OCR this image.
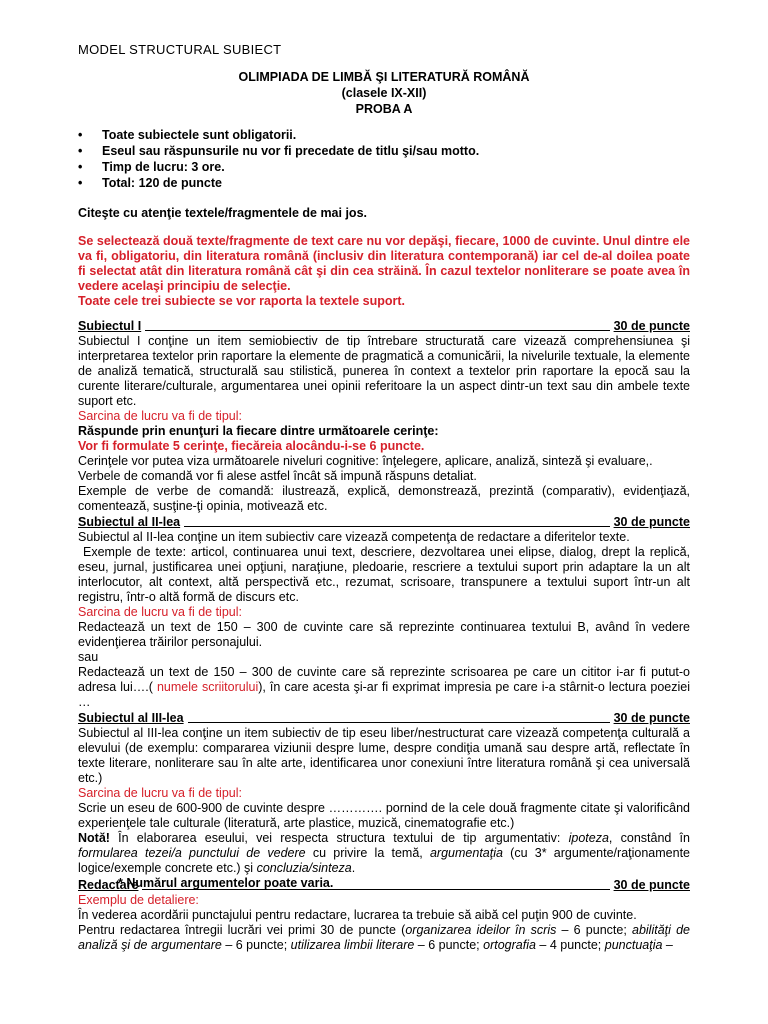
MODEL STRUCTURAL SUBIECT
OLIMPIADA DE LIMBĂ ŞI LITERATURĂ ROMÂNĂ
(clasele IX-XII)
PROBA A
• Toate subiectele sunt obligatorii.
• Eseul sau răspunsurile nu vor fi precedate de titlu şi/sau motto.
• Timp de lucru: 3 ore.
• Total: 120 de puncte
Citeşte cu atenţie textele/fragmentele de mai jos.

Se selectează două texte/fragmente de text care nu vor depăşi, fiecare, 1000 de cuvinte. Unul dintre ele va fi, obligatoriu, din literatura română (inclusiv din literatura contemporană) iar cel de-al doilea poate fi selectat atât din literatura română cât şi din cea străină. În cazul textelor nonliterare se poate avea în vedere acelaşi principiu de selecţie.

Toate cele trei subiecte se vor raporta la textele suport.

Subiectul I	30 de puncte

Subiectul I conţine un item semiobiectiv de tip întrebare structurată care vizează comprehensiunea şi interpretarea textelor prin raportare la elemente de pragmatică a comunicării, la nivelurile textuale, la elemente de analiză tematică, structurală sau stilistică, punerea în context a textelor prin raportare la epocă sau la curente literare/culturale, argumentarea unei opinii referitoare la un aspect dintr-un text sau din ambele texte suport etc.

Sarcina de lucru va fi de tipul:

Răspunde prin enunţuri la fiecare dintre următoarele cerinţe:

Vor fi formulate 5 cerinţe, fiecăreia alocându-i-se 6 puncte.

Cerinţele vor putea viza următoarele niveluri cognitive: înţelegere, aplicare, analiză, sinteză şi evaluare,.

Verbele de comandă vor fi alese astfel încât să impună răspuns detaliat.

Exemple de verbe de comandă: ilustrează, explică, demonstrează, prezintă (comparativ), evidenţiază, comentează, susţine-ţi opinia, motivează etc.

Subiectul al II-lea	30 de puncte

Subiectul al II-lea conţine un item subiectiv care vizează competenţa de redactare a diferitelor texte.

Exemple de texte: articol, continuarea unui text, descriere, dezvoltarea unei elipse, dialog, drept la replică, eseu, jurnal, justificarea unei opţiuni, naraţiune, pledoarie, rescriere a textului suport prin adaptare la un alt interlocutor, alt context, altă perspectivă etc., rezumat, scrisoare, transpunere a textului suport într-un alt registru, într-o altă formă de discurs etc.

Sarcina de lucru va fi de tipul:

Redactează un text de 150 – 300 de cuvinte care să reprezinte continuarea textului B, având în vedere evidenţierea trăirilor personajului.

sau

Redactează un text de 150 – 300 de cuvinte care să reprezinte scrisoarea pe care un cititor i-ar fi putut-o adresa lui….( numele scriitorului), în care acesta şi-ar fi exprimat impresia pe care i-a stârnit-o lectura poeziei …

Subiectul al III-lea	30 de puncte

Subiectul al III-lea conţine un item subiectiv de tip eseu liber/nestructurat care vizează competenţa culturală a elevului (de exemplu: compararea viziunii despre lume, despre condiţia umană sau despre artă, reflectate în texte literare, nonliterare sau în alte arte, identificarea unor conexiuni între literatura română şi cea universală etc.)

Sarcina de lucru va fi de tipul:

Scrie un eseu de 600-900 de cuvinte despre …………. pornind de la cele două fragmente citate şi valorificând experienţele tale culturale (literatură, arte plastice, muzică, cinematografie etc.)

Notă! În elaborarea eseului, vei respecta structura textului de tip argumentativ: ipoteza, constând în formularea tezei/a punctului de vedere cu privire la temă, argumentaţia (cu 3* argumente/raţionamente logice/exemple concrete etc.) şi concluzia/sinteza.

* Numărul argumentelor poate varia.

Redactare	30 de puncte

Exemplu de detaliere:

În vederea acordării punctajului pentru redactare, lucrarea ta trebuie să aibă cel puţin 900 de cuvinte.

Pentru redactarea întregii lucrări vei primi 30 de puncte (organizarea ideilor în scris – 6 puncte; abilităţi de analiză şi de argumentare – 6 puncte; utilizarea limbii literare – 6 puncte; ortografia – 4 puncte; punctuaţia –
